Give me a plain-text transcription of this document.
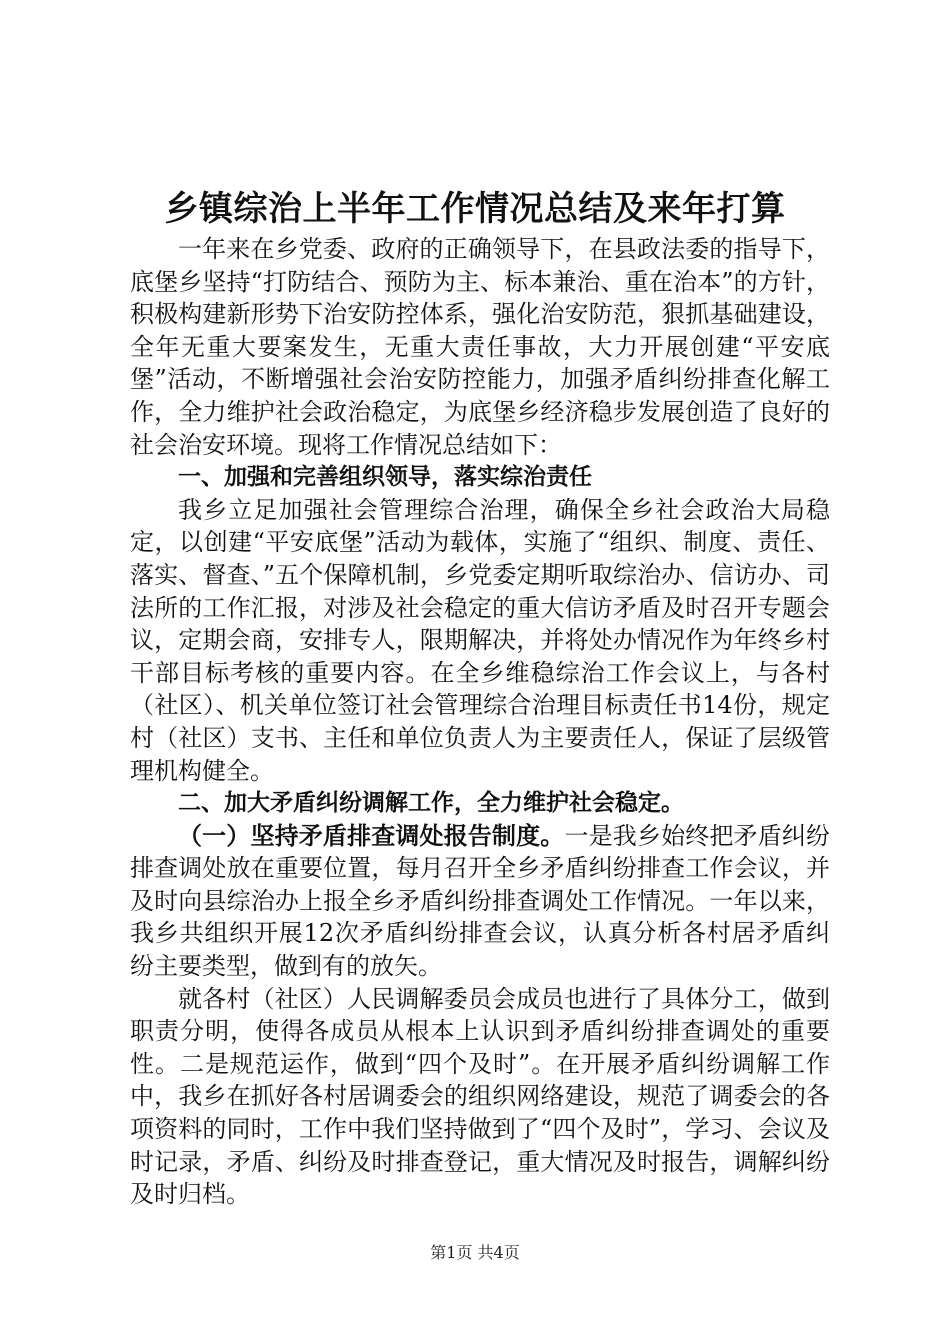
乡镇综治上半年工作情况总结及来年打算

一年来在乡党委、政府的正确领导下，在县政法委的指导下，底堡乡坚持“打防结合、预防为主、标本兼治、重在治本”的方针，积极构建新形势下治安防控体系，强化治安防范，狠抓基础建设，全年无重大要案发生，无重大责任事故，大力开展创建“平安底堡”活动，不断增强社会治安防控能力，加强矛盾纠纷排查化解工作，全力维护社会政治稳定，为底堡乡经济稳步发展创造了良好的社会治安环境。现将工作情况总结如下：

一、加强和完善组织领导，落实综治责任

我乡立足加强社会管理综合治理，确保全乡社会政治大局稳定，以创建“平安底堡”活动为载体，实施了“组织、制度、责任、落实、督查、”五个保障机制，乡党委定期听取综治办、信访办、司法所的工作汇报，对涉及社会稳定的重大信访矛盾及时召开专题会议，定期会商，安排专人，限期解决，并将处办情况作为年终乡村干部目标考核的重要内容。在全乡维稳综治工作会议上，与各村（社区）、机关单位签订社会管理综合治理目标责任书14份，规定村（社区）支书、主任和单位负责人为主要责任人，保证了层级管理机构健全。

二、加大矛盾纠纷调解工作，全力维护社会稳定。

（一）坚持矛盾排查调处报告制度。一是我乡始终把矛盾纠纷排查调处放在重要位置，每月召开全乡矛盾纠纷排查工作会议，并及时向县综治办上报全乡矛盾纠纷排查调处工作情况。一年以来，我乡共组织开展12次矛盾纠纷排查会议，认真分析各村居矛盾纠纷主要类型，做到有的放矢。

就各村（社区）人民调解委员会成员也进行了具体分工，做到职责分明，使得各成员从根本上认识到矛盾纠纷排查调处的重要性。二是规范运作，做到“四个及时”。在开展矛盾纠纷调解工作中，我乡在抓好各村居调委会的组织网络建设，规范了调委会的各项资料的同时，工作中我们坚持做到了“四个及时”，学习、会议及时记录，矛盾、纠纷及时排查登记，重大情况及时报告，调解纠纷及时归档。

第1页 共4页
